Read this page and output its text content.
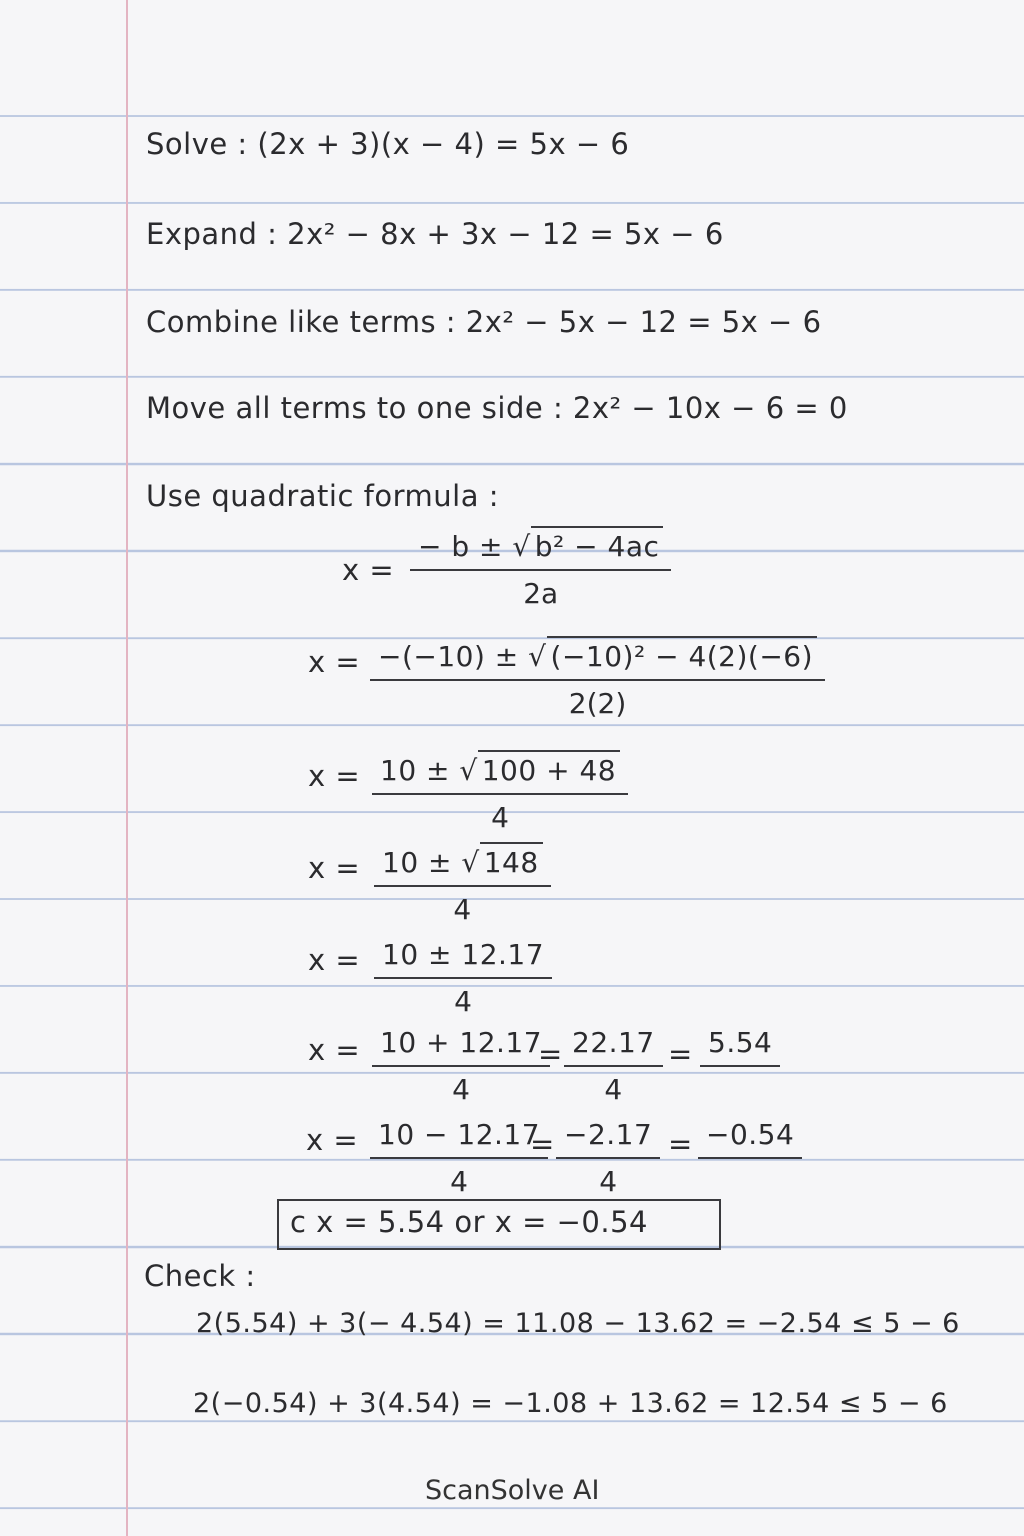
Solve : (2x + 3)(x − 4) = 5x − 6
Expand : 2x² − 8x + 3x − 12 = 5x − 6
Combine like terms : 2x² − 5x − 12 = 5x − 6
Move all terms to one side : 2x² − 10x − 6 = 0
Use quadratic formula :
$x = \frac{\text{− b ± √ b² − 4ac}}{2a}$
$x = \frac{\text{−(−10) ± √ (−10)² − 4(2)(−6)}}{2(2)}$
$x = \frac{10 \pm √ 100 + 48}{4}$
$x = \frac{10 \pm √ 148}{4}$
$x = \frac{10 \pm 12.17}{4}$
$x = \frac{10 + 12.17}{4}$
= $\frac{22.17}{4} = 5.54$
$x = \frac{10 - 12.17}{4}$
= $\frac{-2.17}{4} = -0.54$
c x = 5.54 or x = −0.54
Check :
2(5.54) + 3(− 4.54) = 11.08 − 13.62 = −2.54 ≤ 5 − 6
2(−0.54) + 3(4.54) = −1.08 + 13.62 = 12.54 ≤ 5 − 6
ScanSolve AI
